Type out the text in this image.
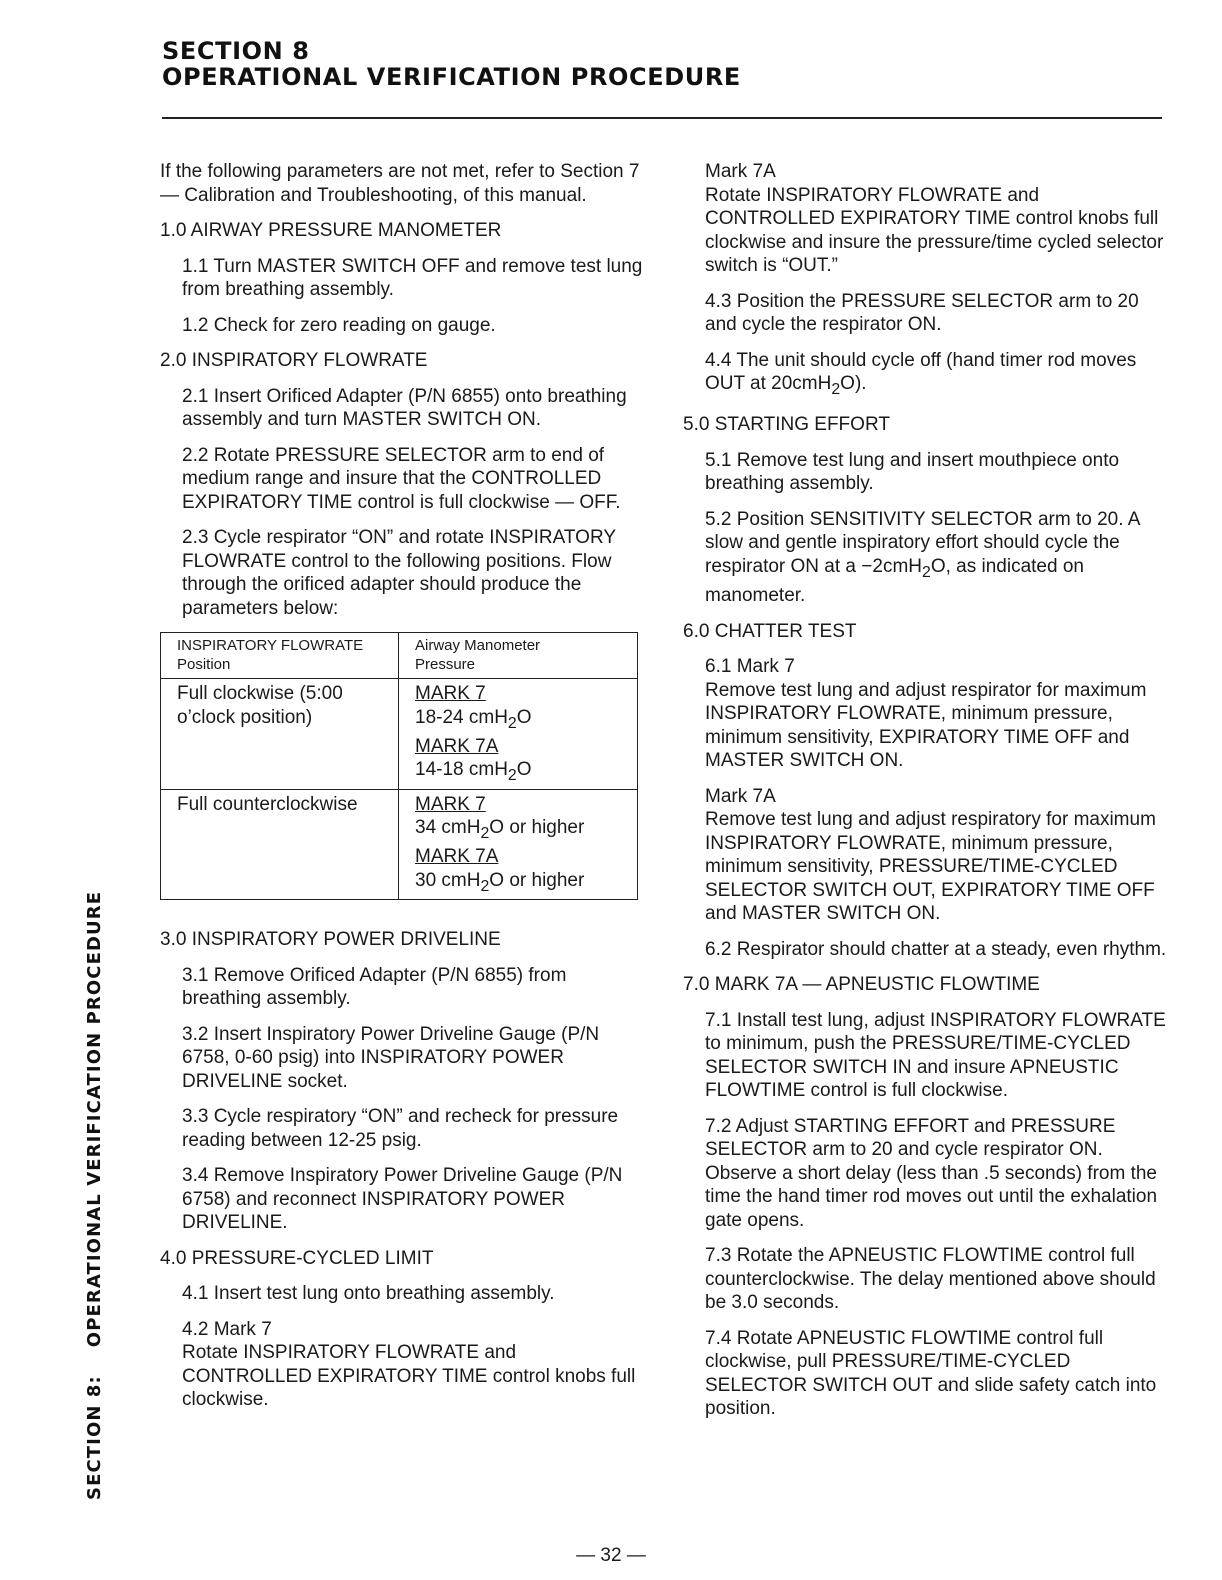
SECTION 8
OPERATIONAL VERIFICATION PROCEDURE
SECTION 8:OPERATIONAL VERIFICATION PROCEDURE

If the following parameters are not met, refer to Section 7 — Calibration and Troubleshooting, of this manual.

1.0 AIRWAY PRESSURE MANOMETER

1.1 Turn MASTER SWITCH OFF and remove test lung from breathing assembly.

1.2 Check for zero reading on gauge.

2.0 INSPIRATORY FLOWRATE

2.1 Insert Orificed Adapter (P/N 6855) onto breathing assembly and turn MASTER SWITCH ON.

2.2 Rotate PRESSURE SELECTOR arm to end of medium range and insure that the CONTROLLED EXPIRATORY TIME control is full clockwise — OFF.

2.3 Cycle respirator “ON” and rotate INSPIRATORY FLOWRATE control to the following positions. Flow through the orificed adapter should produce the parameters below:

INSPIRATORY FLOWRATE
Position	Airway Manometer
Pressure
Full clockwise (5:00 o’clock position)	MARK 7
18-24 cmH$_2$O
MARK 7A
14-18 cmH$_2$O
Full counterclockwise	MARK 7
34 cmH$_2$O or higher
MARK 7A
30 cmH$_2$O or higher
3.0 INSPIRATORY POWER DRIVELINE

3.1 Remove Orificed Adapter (P/N 6855) from breathing assembly.

3.2 Insert Inspiratory Power Driveline Gauge (P/N 6758, 0-60 psig) into INSPIRATORY POWER DRIVELINE socket.

3.3 Cycle respiratory “ON” and recheck for pressure reading between 12-25 psig.

3.4 Remove Inspiratory Power Driveline Gauge (P/N 6758) and reconnect INSPIRATORY POWER DRIVELINE.

4.0 PRESSURE-CYCLED LIMIT

4.1 Insert test lung onto breathing assembly.

4.2 Mark 7
Rotate INSPIRATORY FLOWRATE and CONTROLLED EXPIRATORY TIME control knobs full clockwise.

Mark 7A
Rotate INSPIRATORY FLOWRATE and CONTROLLED EXPIRATORY TIME control knobs full clockwise and insure the pressure/time cycled selector switch is “OUT.”

4.3 Position the PRESSURE SELECTOR arm to 20 and cycle the respirator ON.

4.4 The unit should cycle off (hand timer rod moves OUT at 20cmH$_2$O).

5.0 STARTING EFFORT

5.1 Remove test lung and insert mouthpiece onto breathing assembly.

5.2 Position SENSITIVITY SELECTOR arm to 20. A slow and gentle inspiratory effort should cycle the respirator ON at a −2cmH$_2$O, as indicated on manometer.

6.0 CHATTER TEST

6.1 Mark 7
Remove test lung and adjust respirator for maximum INSPIRATORY FLOWRATE, minimum pressure, minimum sensitivity, EXPIRATORY TIME OFF and MASTER SWITCH ON.

Mark 7A
Remove test lung and adjust respiratory for maximum INSPIRATORY FLOWRATE, minimum pressure, minimum sensitivity, PRESSURE/TIME-CYCLED SELECTOR SWITCH OUT, EXPIRATORY TIME OFF and MASTER SWITCH ON.

6.2 Respirator should chatter at a steady, even rhythm.

7.0 MARK 7A — APNEUSTIC FLOWTIME

7.1 Install test lung, adjust INSPIRATORY FLOWRATE to minimum, push the PRESSURE/TIME-CYCLED SELECTOR SWITCH IN and insure APNEUSTIC FLOWTIME control is full clockwise.

7.2 Adjust STARTING EFFORT and PRESSURE SELECTOR arm to 20 and cycle respirator ON. Observe a short delay (less than .5 seconds) from the time the hand timer rod moves out until the exhalation gate opens.

7.3 Rotate the APNEUSTIC FLOWTIME control full counterclockwise. The delay mentioned above should be 3.0 seconds.

7.4 Rotate APNEUSTIC FLOWTIME control full clockwise, pull PRESSURE/TIME-CYCLED SELECTOR SWITCH OUT and slide safety catch into position.

— 32 —
